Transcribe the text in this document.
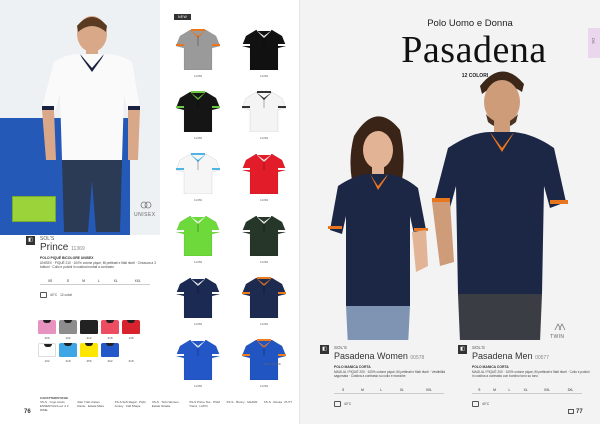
UNISEX
◧	SOL'S
Prince 11369
POLO PIQUÉ BICOLORE UNISEX
UNISEX · PIQUÉ 210 · 100% cotone piqué, fili pettinati e filati ritorti · Chiusura a 3 bottoni · Collo e polsini in costina bordati a contrasto
XS	S	M	L	XL	XXL
40°C 12 colori
306	102	312	318	145
102	318	356	302	318
CARATTERISTICHE
XS-S · ringo tondo · ESSENTIALS ed. 2 2 DIME
Aller Trail Unisex · Dante · Estate Mare
XS-S Soft Regal · PQG Jersey · Fall Shape
XS-S · Twin Women · Estate Strada
XS-S Prime Tee · PGM Trend · LUPO
XS-S · Bunny · MaJOR XS-S · Rossa · PU77
76
NEW
11369	11369
11369	11369
11369	11369
11369	11369
11369	11369
11369	11369
EXCLUSIVE
Polo Uomo e Donna
Pasadena
12 COLORI
DS
TWIN
◧	SOL'S
Pasadena Women 00578
POLO MANICA CORTA
MAGLIA / PIQUÉ 200 · 100% cotone piqué, fili pettinati e filati ritorti · Vestibilità sagomata · Costina a contrasto su collo e maniche
S	M	L	XL	XXL
40°C
◧	SOL'S
Pasadena Men 00577
POLO MANICA CORTA
MAGLIA / PIQUÉ 200 · 100% cotone piqué, fili pettinati e filati ritorti · Collo e polsini in costina a contrasto con bordino tono su tono
S	M	L	XL	XXL	3XL
40°C
77
